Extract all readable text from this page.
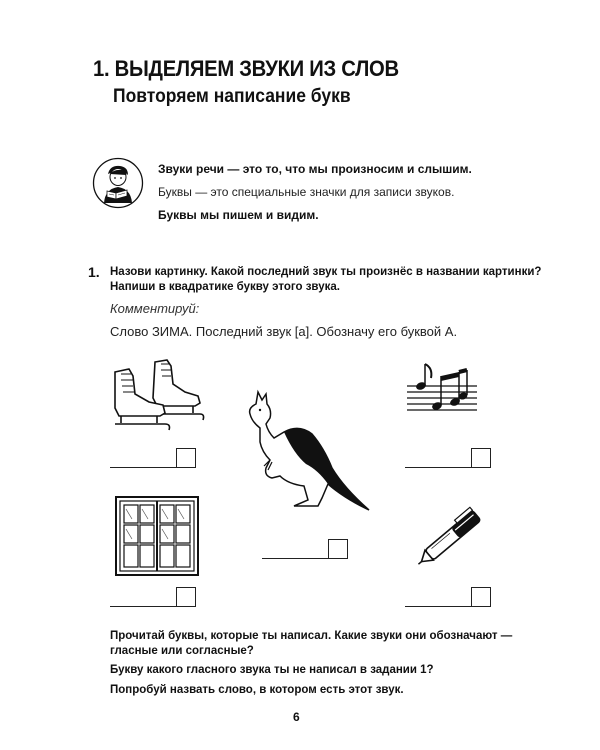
1. ВЫДЕЛЯЕМ ЗВУКИ ИЗ СЛОВ
Повторяем написание букв
Звуки речи — это то, что мы произносим и слышим.
Буквы — это специальные значки для записи звуков.
Буквы мы пишем и видим.
1. Назови картинку. Какой последний звук ты произнёс в названии картинки?
Напиши в квадратике букву этого звука.
Комментируй:
Слово ЗИМА. Последний звук [а]. Обозначу его буквой А.
Прочитай буквы, которые ты написал. Какие звуки они обозначают —
гласные или согласные?
Букву какого гласного звука ты не написал в задании 1?
Попробуй назвать слово, в котором есть этот звук.
6
